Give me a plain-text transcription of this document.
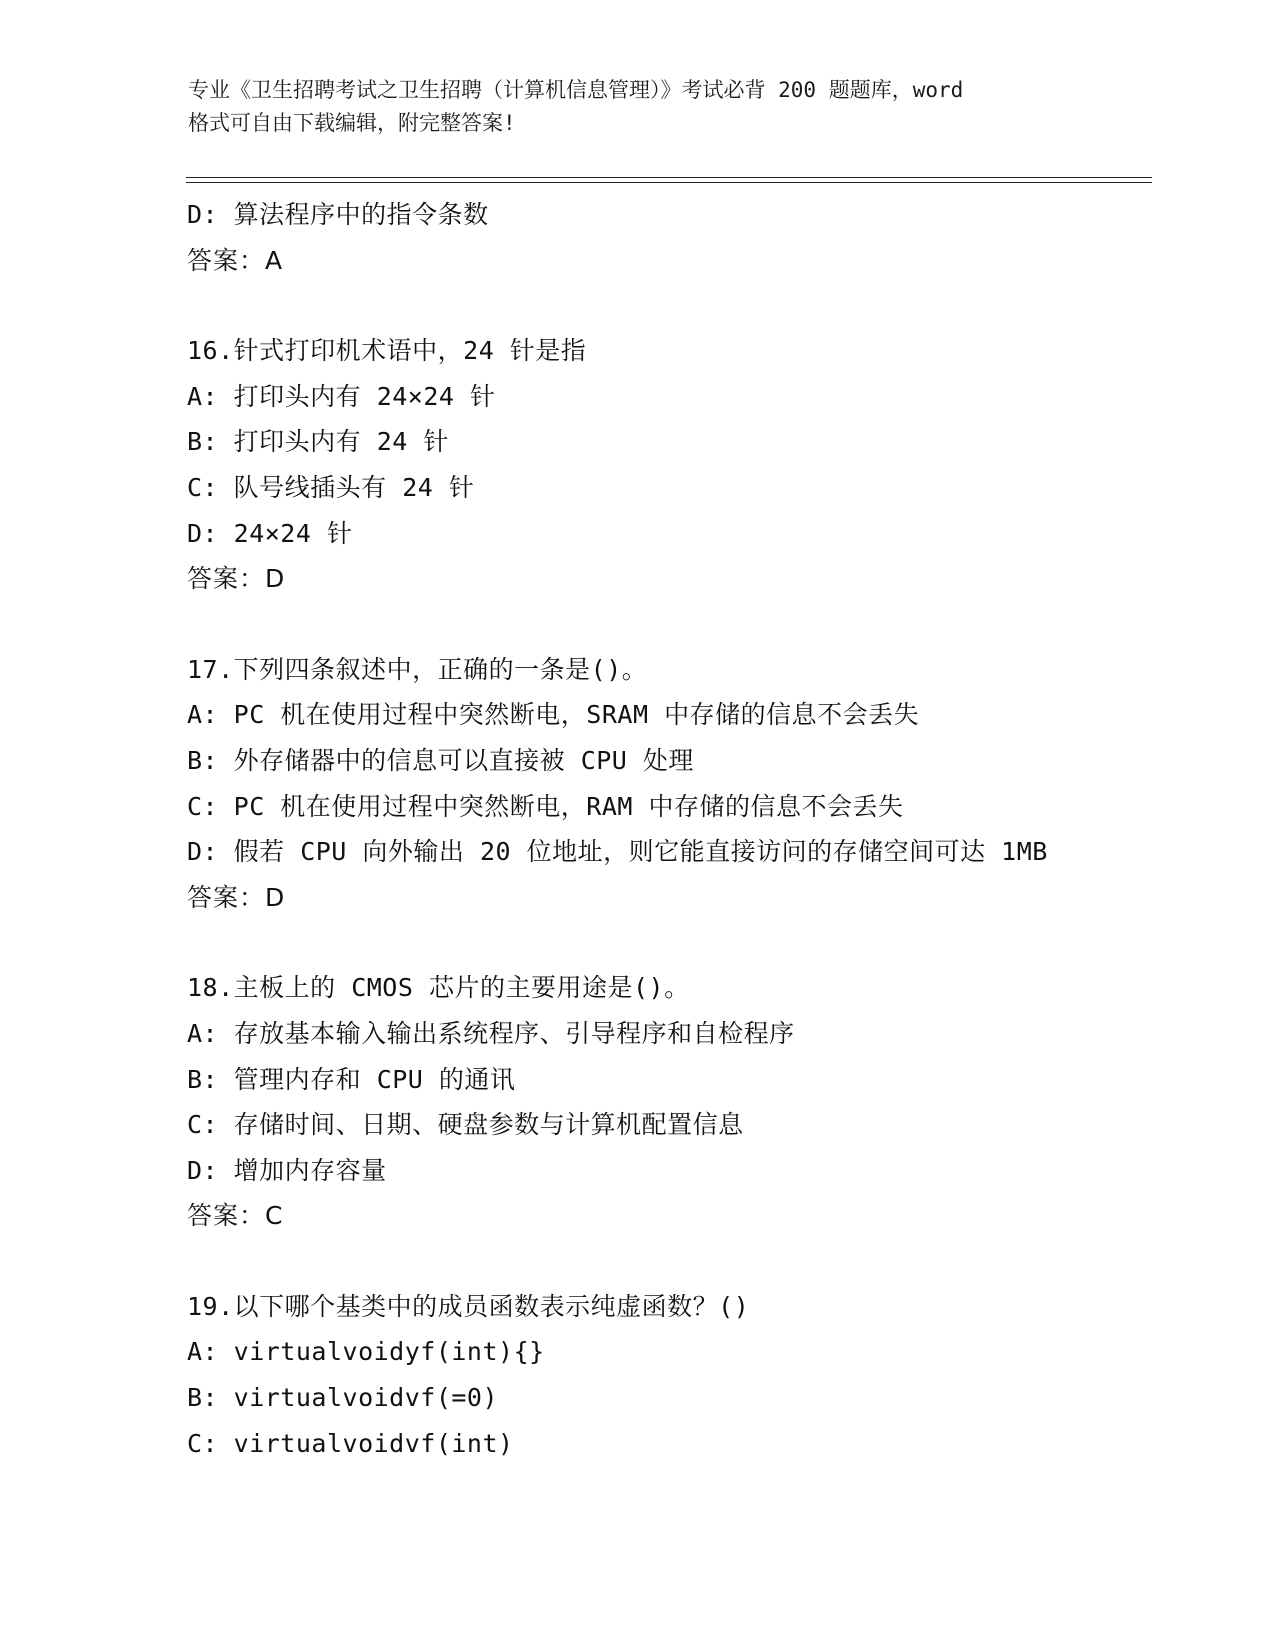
专业《卫生招聘考试之卫生招聘（计算机信息管理）》考试必背 200 题题库，word
格式可自由下载编辑，附完整答案!
D: 算法程序中的指令条数
答案：A
16.针式打印机术语中，24 针是指
A: 打印头内有 24×24 针
B: 打印头内有 24 针
C: 队号线插头有 24 针
D: 24×24 针
答案：D
17.下列四条叙述中，正确的一条是()。
A: PC 机在使用过程中突然断电，SRAM 中存储的信息不会丢失
B: 外存储器中的信息可以直接被 CPU 处理
C: PC 机在使用过程中突然断电，RAM 中存储的信息不会丢失
D: 假若 CPU 向外输出 20 位地址，则它能直接访问的存储空间可达 1MB
答案：D
18.主板上的 CMOS 芯片的主要用途是()。
A: 存放基本输入输出系统程序、引导程序和自检程序
B: 管理内存和 CPU 的通讯
C: 存储时间、日期、硬盘参数与计算机配置信息
D: 增加内存容量
答案：C
19.以下哪个基类中的成员函数表示纯虚函数？()
A: virtualvoidyf(int){}
B: virtualvoidvf(=0)
C: virtualvoidvf(int)
